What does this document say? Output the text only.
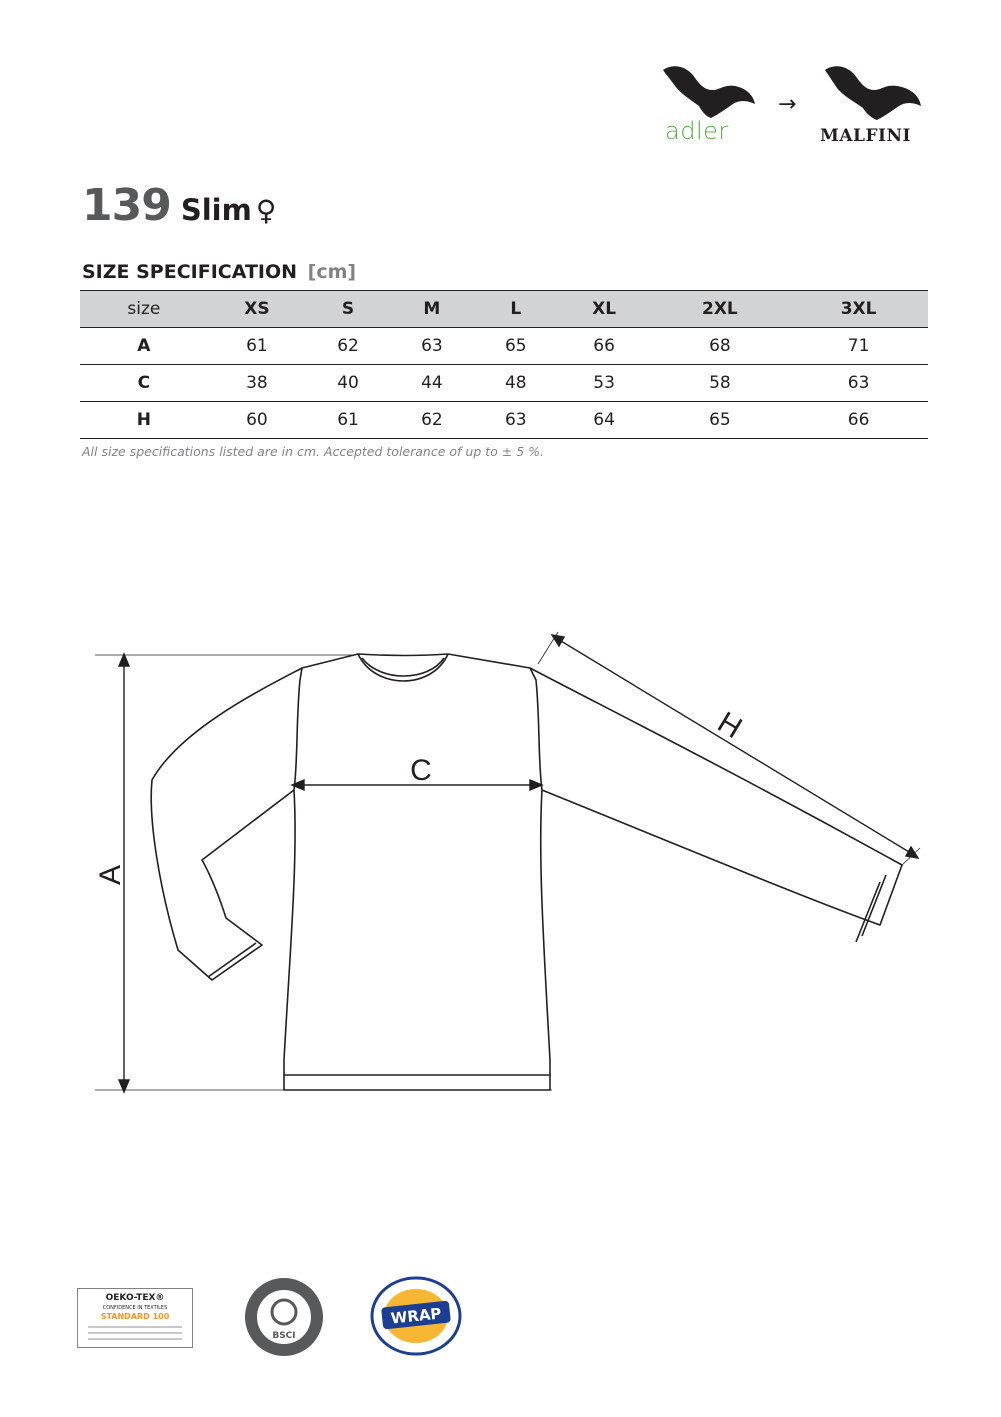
adler
→
MALFINI
139 Slim ♀
SIZE SPECIFICATION [cm]
size	XS	S	M	L	XL	2XL	3XL
A	61	62	63	65	66	68	71
C	38	40	44	48	53	58	63
H	60	61	62	63	64	65	66
All size specifications listed are in cm. Accepted tolerance of up to ± 5 %.
A
C
H
OEKO-TEX®
CONFIDENCE IN TEXTILES
STANDARD 100
BSCI
WRAP
